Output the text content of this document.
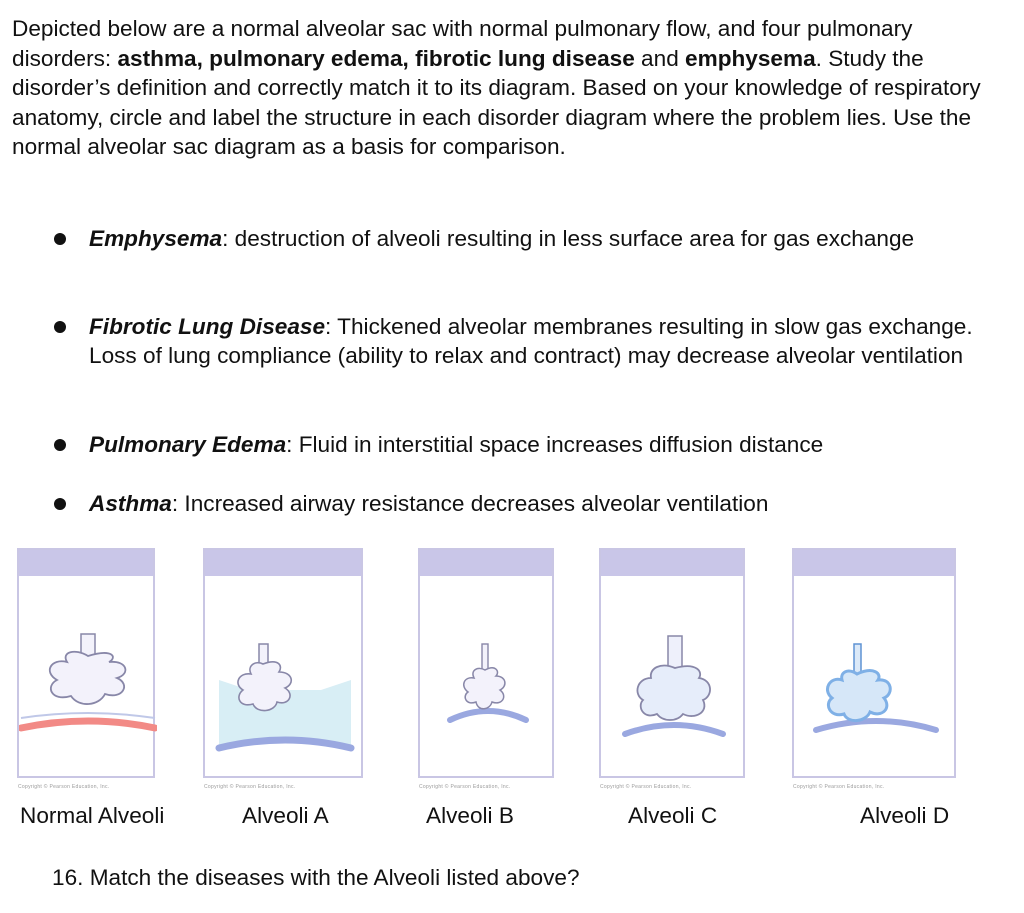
Depicted below are a normal alveolar sac with normal pulmonary flow, and four pulmonary disorders: asthma, pulmonary edema, fibrotic lung disease and emphysema. Study the disorder’s definition and correctly match it to its diagram. Based on your knowledge of respiratory anatomy, circle and label the structure in each disorder diagram where the problem lies. Use the normal alveolar sac diagram as a basis for comparison.
Emphysema: destruction of alveoli resulting in less surface area for gas exchange
Fibrotic Lung Disease: Thickened alveolar membranes resulting in slow gas exchange. Loss of lung compliance (ability to relax and contract) may decrease alveolar ventilation
Pulmonary Edema: Fluid in interstitial space increases diffusion distance
Asthma: Increased airway resistance decreases alveolar ventilation
Copyright © Pearson Education, Inc.	Copyright © Pearson Education, Inc.	Copyright © Pearson Education, Inc.	Copyright © Pearson Education, Inc.	Copyright © Pearson Education, Inc.
Normal Alveoli	Alveoli A	Alveoli B	Alveoli C	Alveoli D
16. Match the diseases with the Alveoli listed above?
